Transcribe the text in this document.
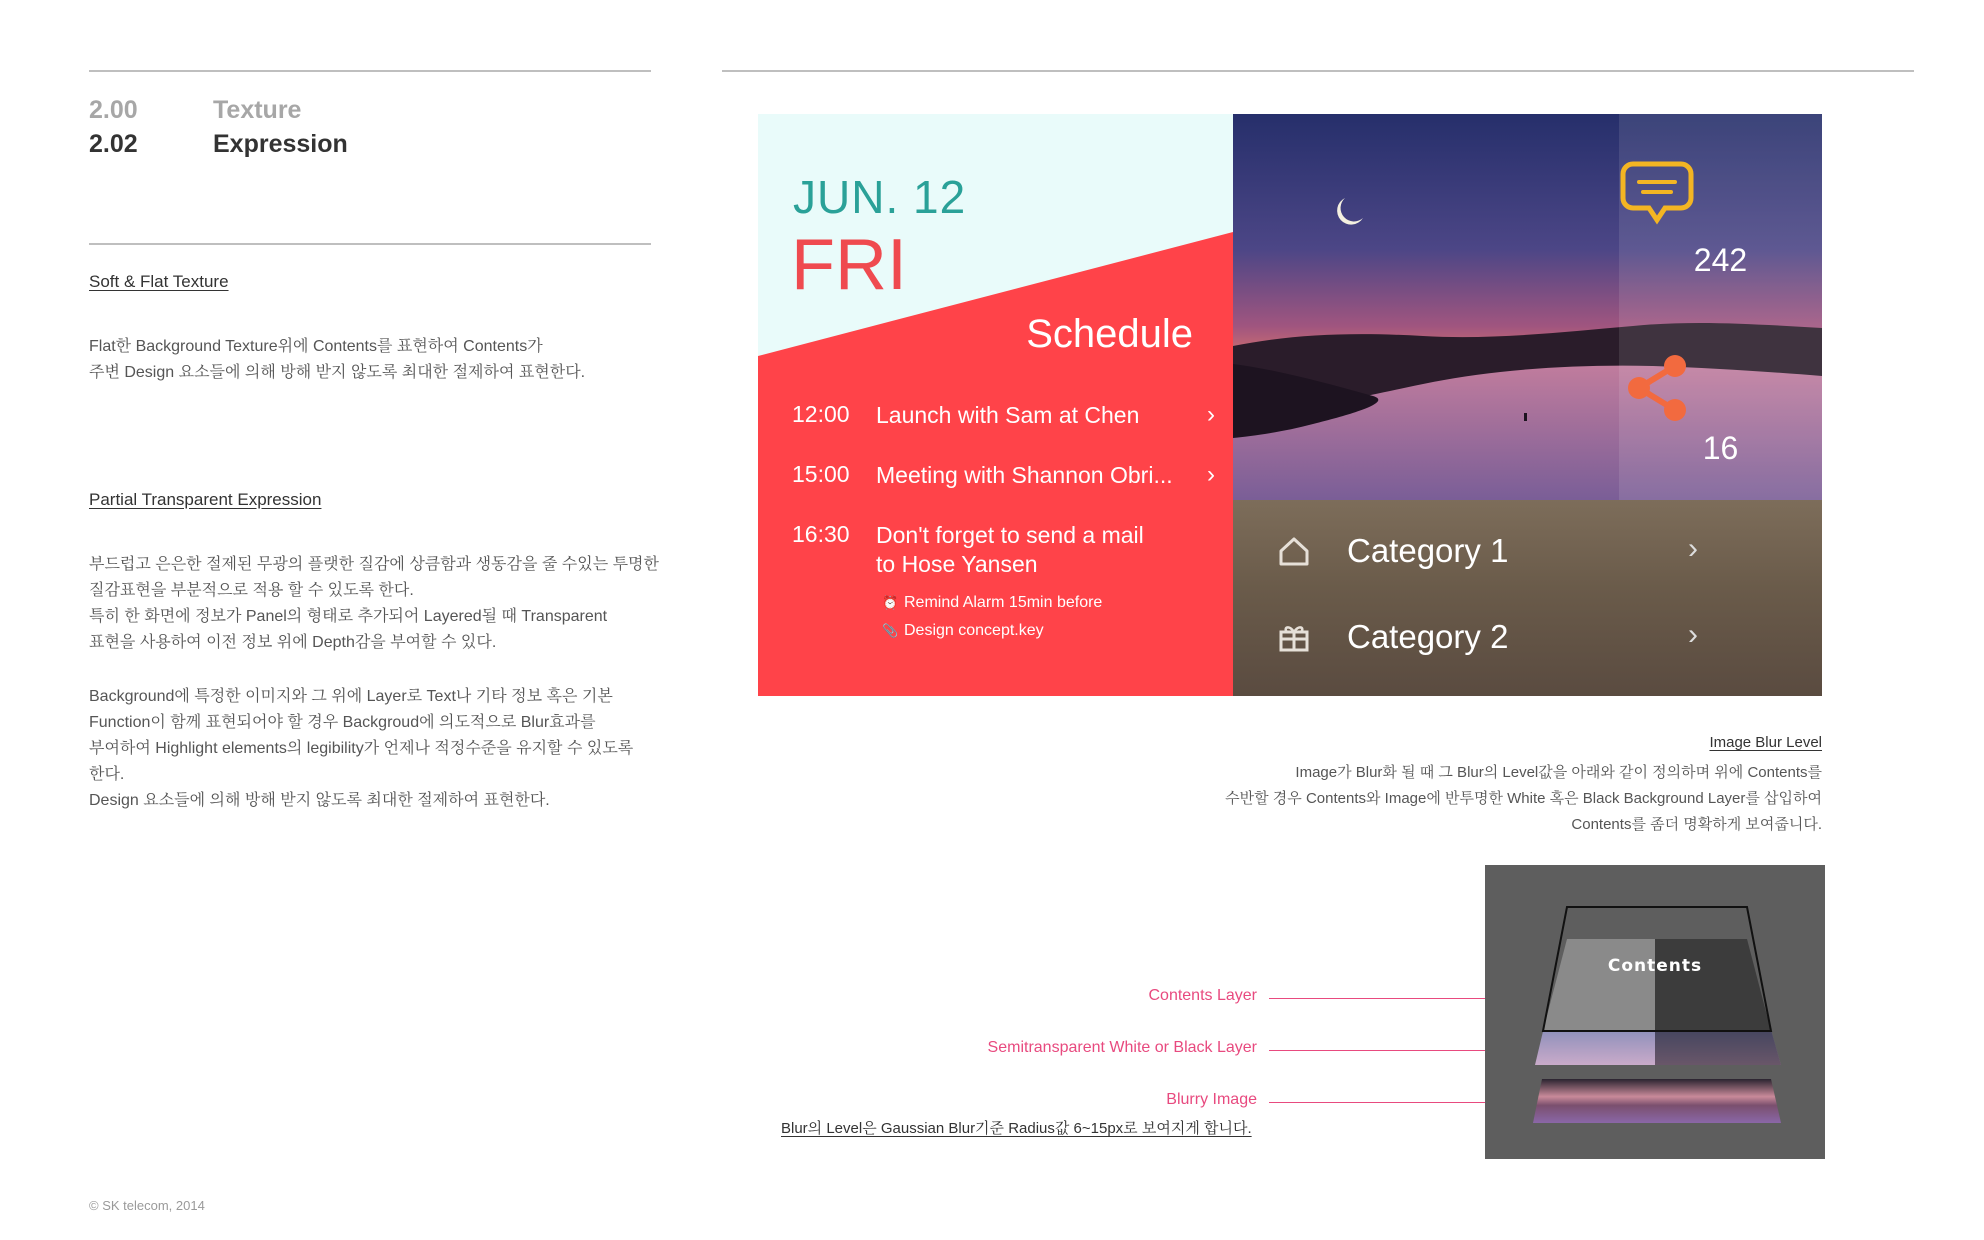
2.00	Texture
2.02	Expression
Soft & Flat Texture
Flat한 Background Texture위에 Contents를 표현하여 Contents가
주변 Design 요소들에 의해 방해 받지 않도록 최대한 절제하여 표현한다.
Partial Transparent Expression
부드럽고 은은한 절제된 무광의 플랫한 질감에 상큼함과 생동감을 줄 수있는 투명한
질감표현을 부분적으로 적용 할 수 있도록 한다.
특히 한 화면에 정보가 Panel의 형태로 추가되어 Layered될 때 Transparent
표현을 사용하여 이전 정보 위에 Depth감을 부여할 수 있다.
Background에 특정한 이미지와 그 위에 Layer로 Text나 기타 정보 혹은 기본
Function이 함께 표현되어야 할 경우 Backgroud에 의도적으로 Blur효과를
부여하여 Highlight elements의 legibility가 언제나 적정수준을 유지할 수 있도록
한다.
Design 요소들에 의해 방해 받지 않도록 최대한 절제하여 표현한다.
JUN. 12
FRI
Schedule
12:00	Launch with Sam at Chen	›
15:00	Meeting with Shannon Obri...	›
16:30	Don't forget to send a mail
to Hose Yansen
⏰ Remind Alarm 15min before
📎 Design concept.key
242
16
Category 1	›
Category 2	›
Image Blur Level
Image가 Blur화 될 때 그 Blur의 Level값을 아래와 같이 정의하며 위에 Contents를
수반할 경우 Contents와 Image에 반투명한 White 혹은 Black Background Layer를 삽입하여
Contents를 좀더 명확하게 보여줍니다.
Contents Layer
Semitransparent White or Black Layer
Blurry Image
Blur의 Level은 Gaussian Blur기준 Radius값 6~15px로 보여지게 합니다.
Contents
© SK telecom, 2014
